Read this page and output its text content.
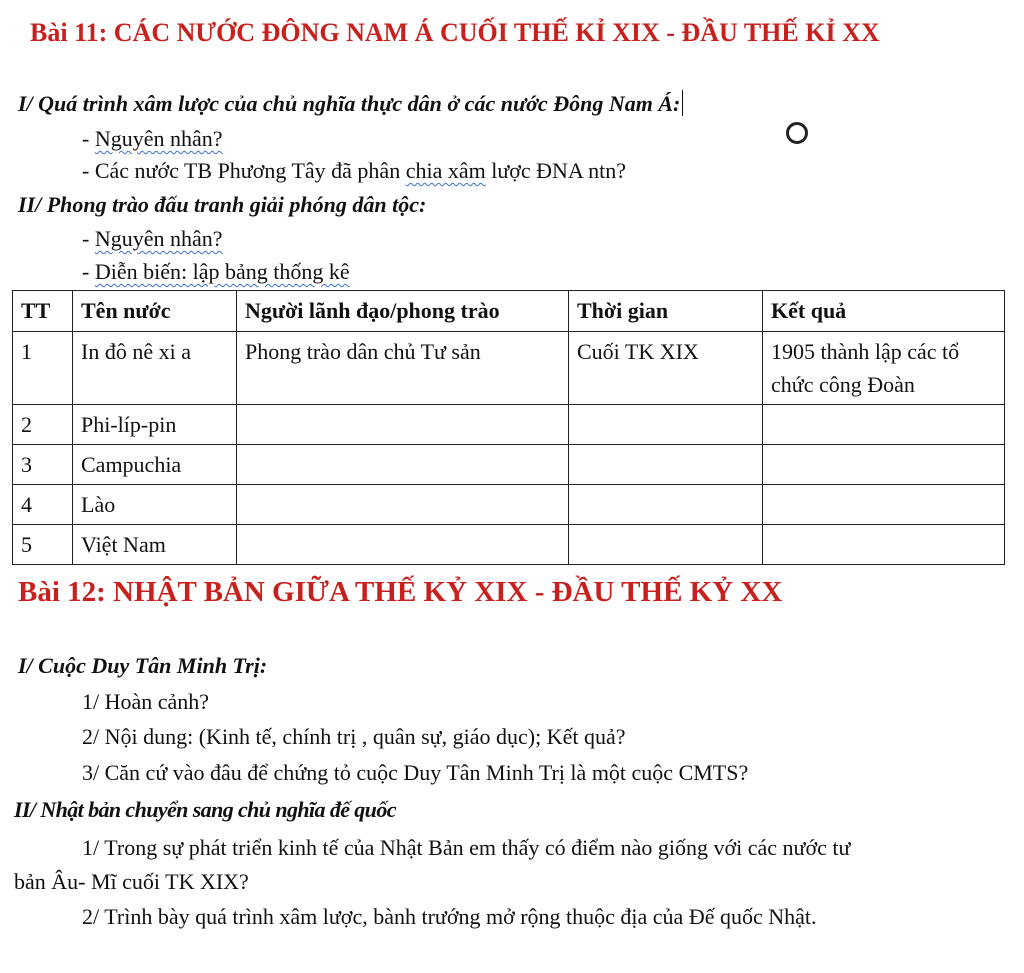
Bài 11: CÁC NƯỚC ĐÔNG NAM Á CUỐI THẾ KỈ XIX - ĐẦU THẾ KỈ XX
I/ Quá trình xâm lược của chủ nghĩa thực dân ở các nước Đông Nam Á:
- Nguyên nhân?
- Các nước TB Phương Tây đã phân chia xâm lược ĐNA ntn?
II/ Phong trào đấu tranh giải phóng dân tộc:
- Nguyên nhân?
- Diễn biến: lập bảng thống kê
TT	Tên nước	Người lãnh đạo/phong trào	Thời gian	Kết quả
1	In đô nê xi a	Phong trào dân chủ Tư sản	Cuối TK XIX	1905 thành lập các tổ chức công Đoàn
2	Phi-líp-pin			
3	Campuchia			
4	Lào			
5	Việt Nam			
Bài 12: NHẬT BẢN GIỮA THẾ KỶ XIX - ĐẦU THẾ KỶ XX
I/ Cuộc Duy Tân Minh Trị:
1/ Hoàn cảnh?
2/ Nội dung: (Kinh tế, chính trị , quân sự, giáo dục); Kết quả?
3/ Căn cứ vào đâu để chứng tỏ cuộc Duy Tân Minh Trị là một cuộc CMTS?
II/ Nhật bản chuyển sang chủ nghĩa đế quốc
1/ Trong sự phát triển kinh tế của Nhật Bản em thấy có điểm nào giống với các nước tư
bản Âu- Mĩ cuối TK XIX?
2/ Trình bày quá trình xâm lược, bành trướng mở rộng thuộc địa của Đế quốc Nhật.
